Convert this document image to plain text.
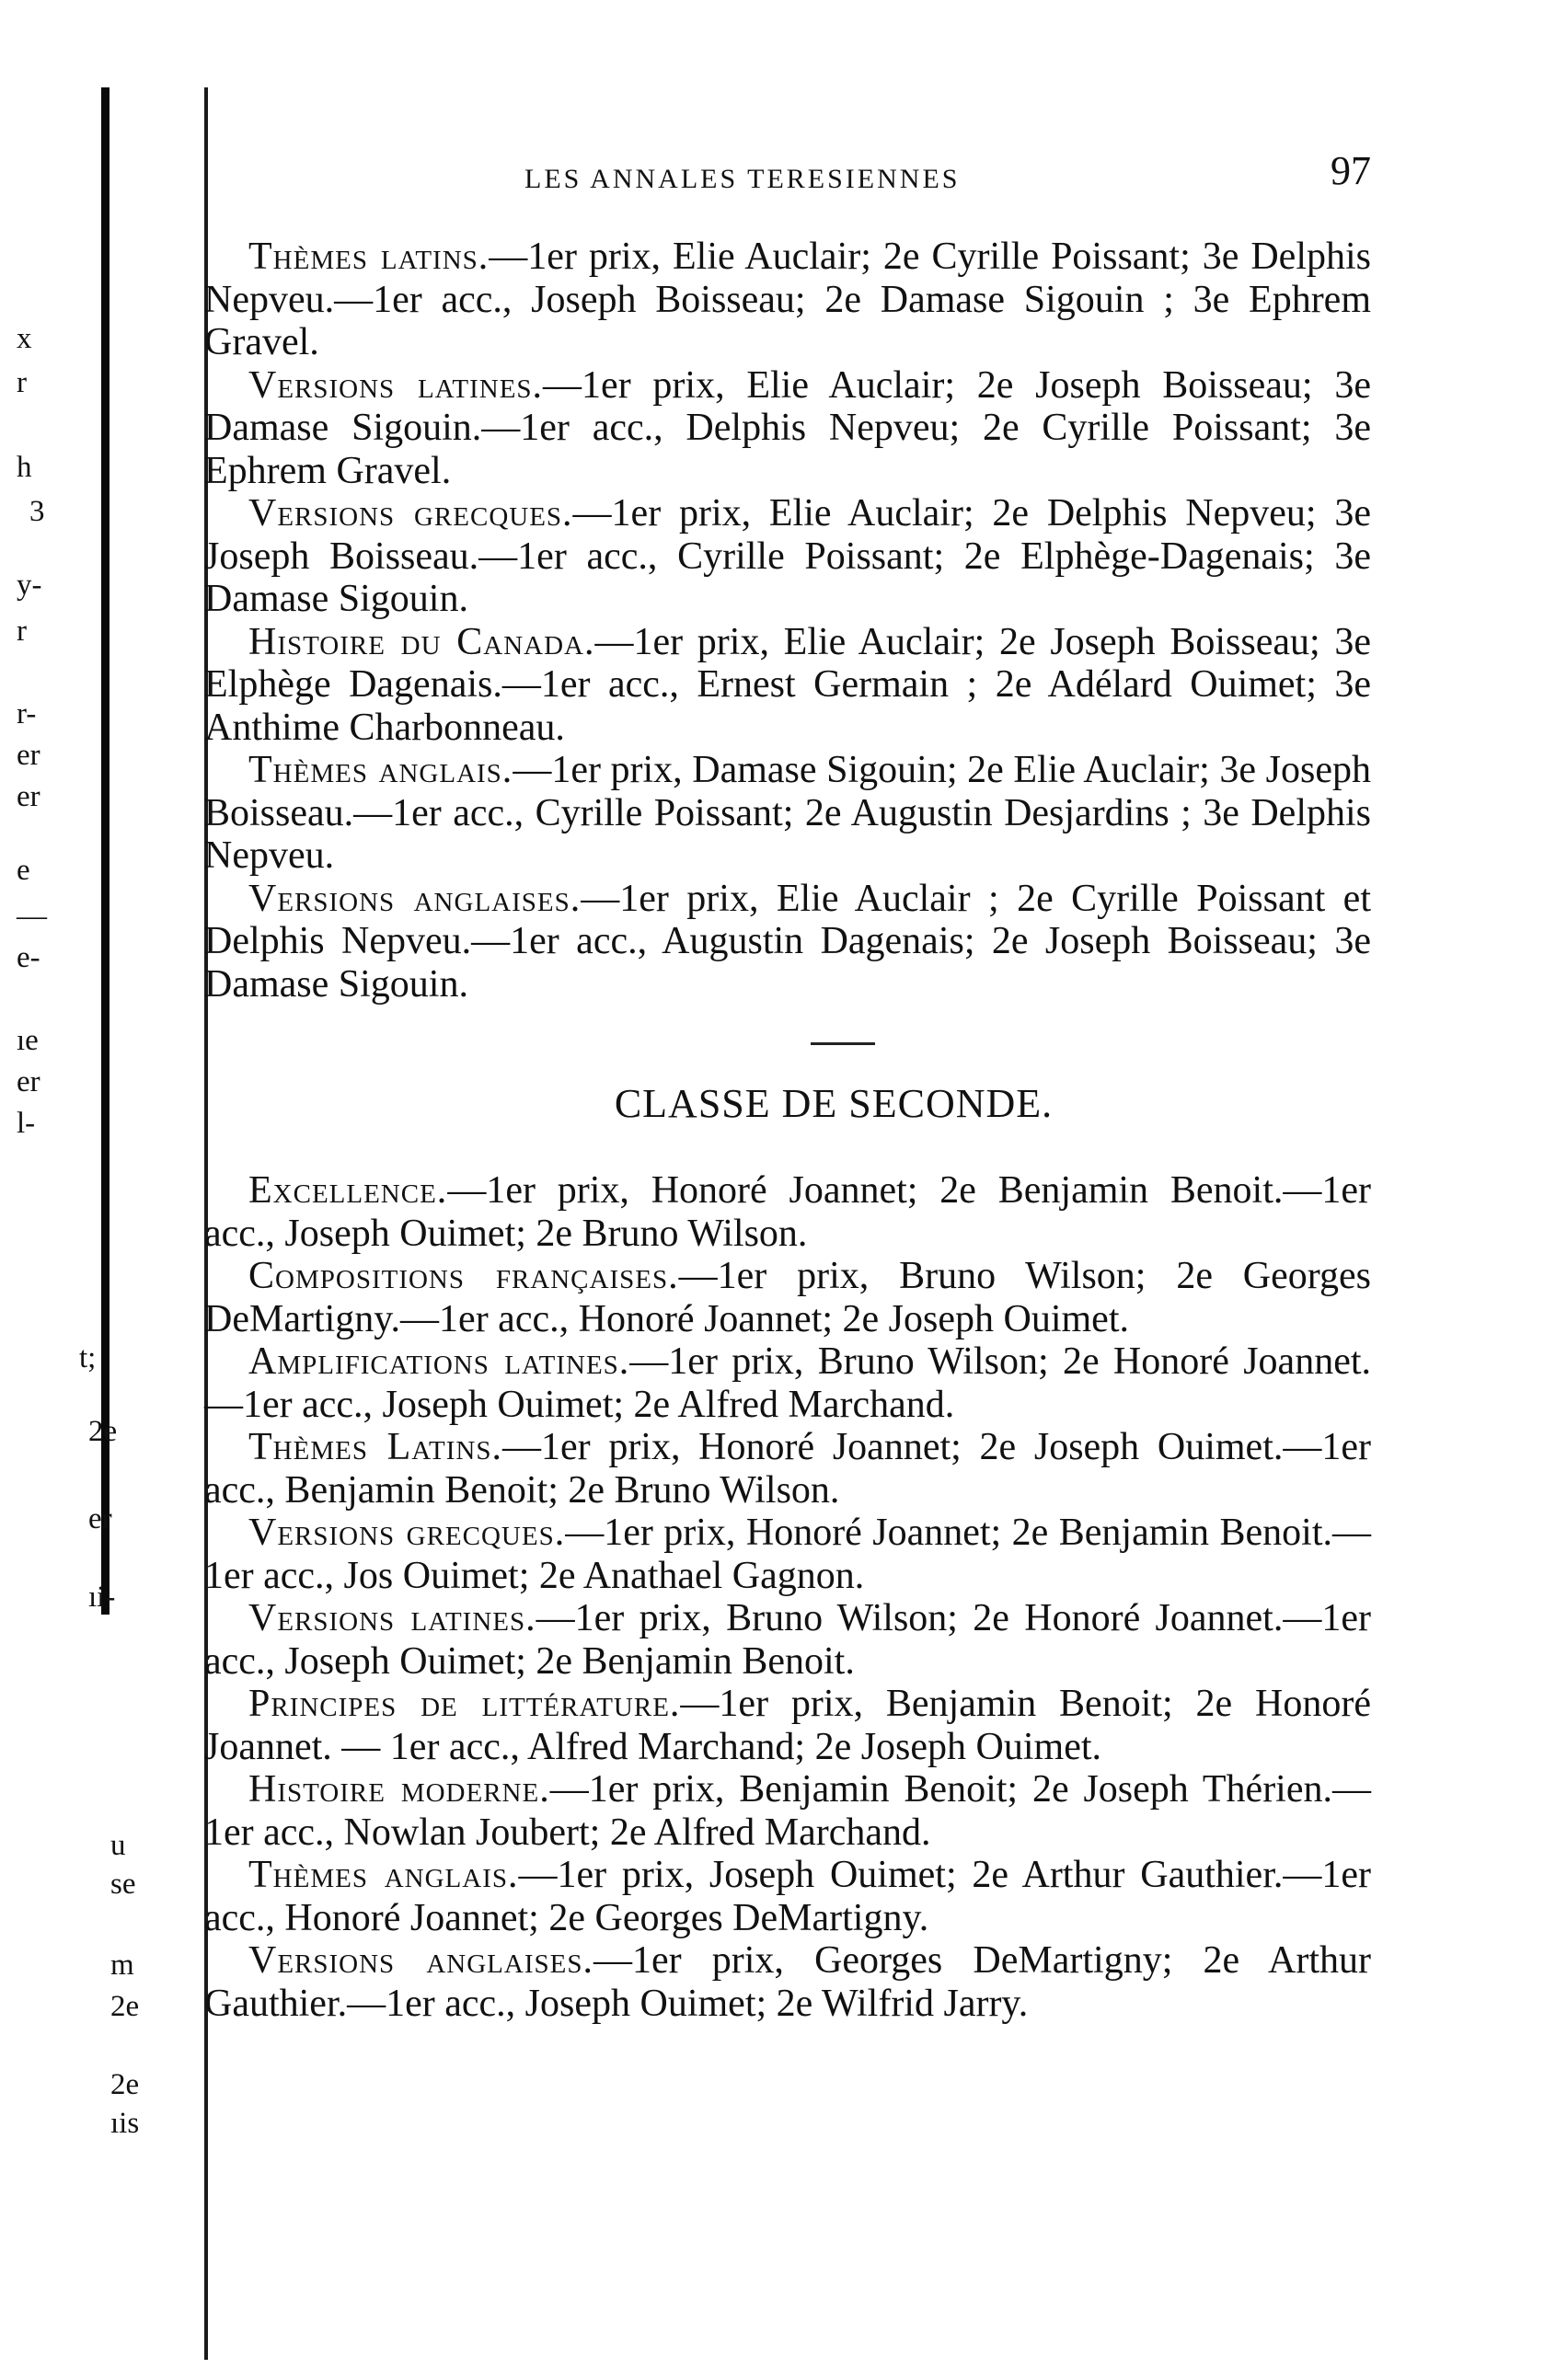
x
r
h
3
y-
r
r-
er
er
e
—
e-
ıe
er
l-
t;
2e
er
ıi-
u
se
m
2e
2e
ıis
LES ANNALES TERESIENNES	97

Thèmes latins.—1er prix, Elie Auclair; 2e Cyrille Poissant; 3e Delphis Nepveu.—1er acc., Joseph Boisseau; 2e Damase Sigouin ; 3e Ephrem Gravel.

Versions latines.—1er prix, Elie Auclair; 2e Joseph Boisseau; 3e Damase Sigouin.—1er acc., Delphis Nepveu; 2e Cyrille Poissant; 3e Ephrem Gravel.

Versions grecques.—1er prix, Elie Auclair; 2e Delphis Nepveu; 3e Joseph Boisseau.—1er acc., Cyrille Poissant; 2e Elphège-Dagenais; 3e Damase Sigouin.

Histoire du Canada.—1er prix, Elie Auclair; 2e Joseph Boisseau; 3e Elphège Dagenais.—1er acc., Ernest Germain ; 2e Adélard Ouimet; 3e Anthime Charbonneau.

Thèmes anglais.—1er prix, Damase Sigouin; 2e Elie Auclair; 3e Joseph Boisseau.—1er acc., Cyrille Poissant; 2e Augustin Desjardins ; 3e Delphis Nepveu.

Versions anglaises.—1er prix, Elie Auclair ; 2e Cyrille Poissant et Delphis Nepveu.—1er acc., Augustin Dagenais; 2e Joseph Boisseau; 3e Damase Sigouin.

CLASSE DE SECONDE.

Excellence.—1er prix, Honoré Joannet; 2e Benjamin Benoit.—1er acc., Joseph Ouimet; 2e Bruno Wilson.

Compositions françaises.—1er prix, Bruno Wilson; 2e Georges DeMartigny.—1er acc., Honoré Joannet; 2e Joseph Ouimet.

Amplifications latines.—1er prix, Bruno Wilson; 2e Honoré Joannet.—1er acc., Joseph Ouimet; 2e Alfred Marchand.

Thèmes Latins.—1er prix, Honoré Joannet; 2e Joseph Ouimet.—1er acc., Benjamin Benoit; 2e Bruno Wilson.

Versions grecques.—1er prix, Honoré Joannet; 2e Benjamin Benoit.—1er acc., Jos Ouimet; 2e Anathael Gagnon.

Versions latines.—1er prix, Bruno Wilson; 2e Honoré Joannet.—1er acc., Joseph Ouimet; 2e Benjamin Benoit.

Principes de littérature.—1er prix, Benjamin Benoit; 2e Honoré Joannet. — 1er acc., Alfred Marchand; 2e Joseph Ouimet.

Histoire moderne.—1er prix, Benjamin Benoit; 2e Joseph Thérien.—1er acc., Nowlan Joubert; 2e Alfred Marchand.

Thèmes anglais.—1er prix, Joseph Ouimet; 2e Arthur Gauthier.—1er acc., Honoré Joannet; 2e Georges DeMartigny.

Versions anglaises.—1er prix, Georges DeMartigny; 2e Arthur Gauthier.—1er acc., Joseph Ouimet; 2e Wilfrid Jarry.
